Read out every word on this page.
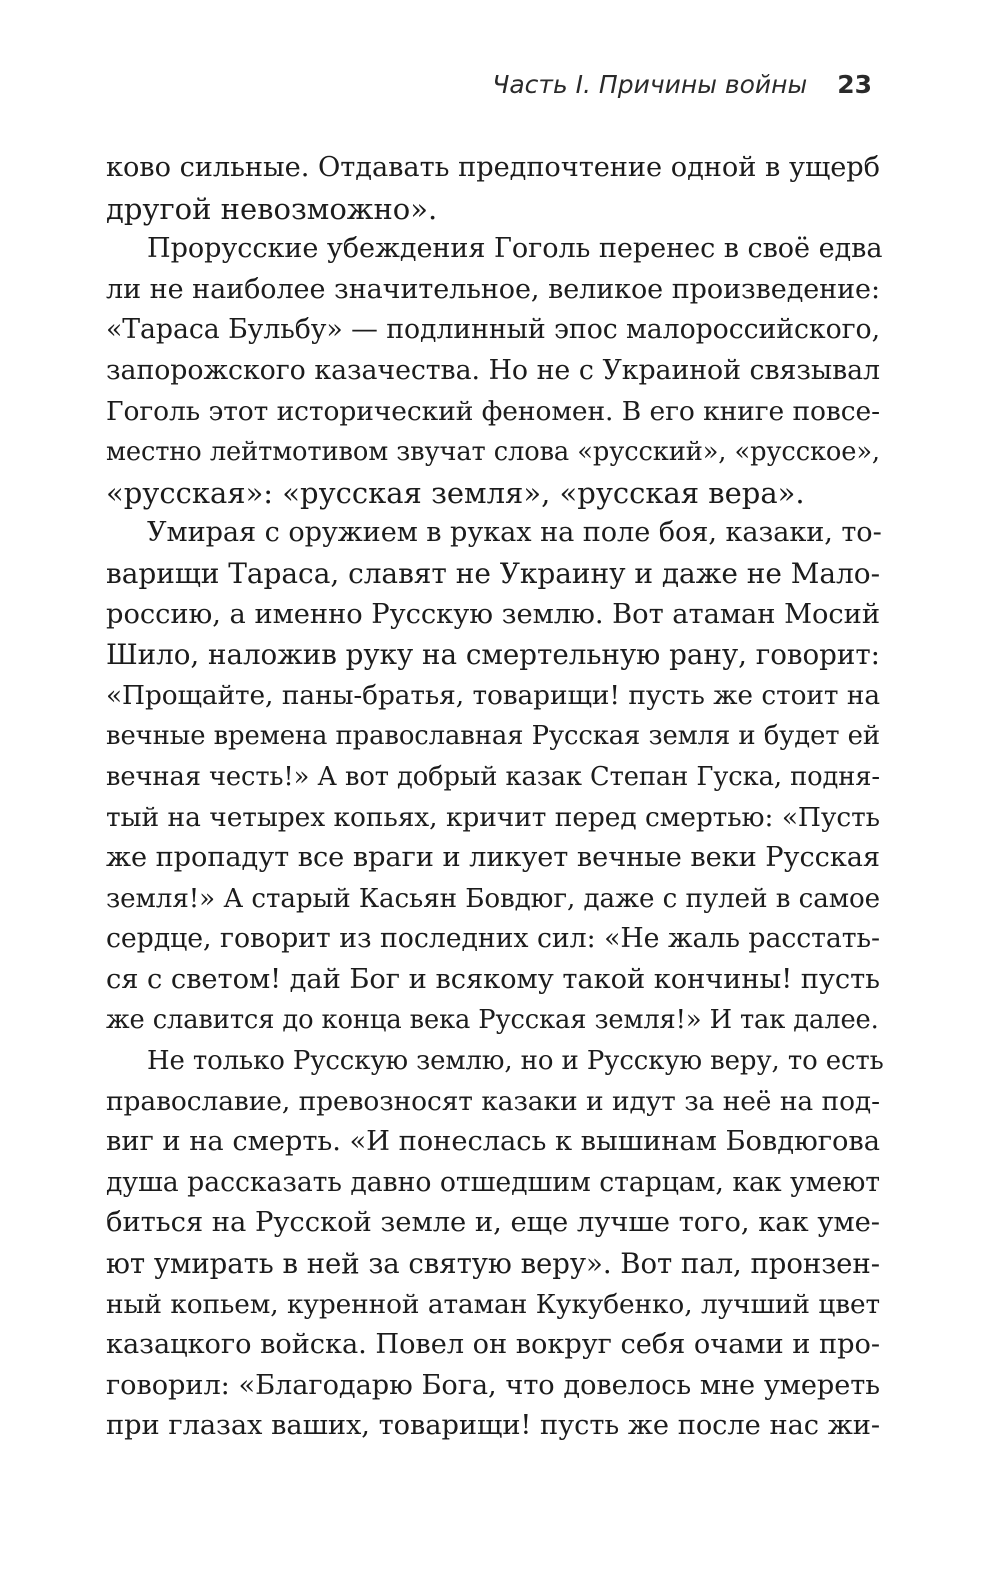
Часть I. Причины войны 23
ково сильные. Отдавать предпочтение одной в ущерб
другой невозможно».
Прорусские убеждения Гоголь перенес в своё едва
ли не наиболее значительное, великое произведение:
«Тараса Бульбу» — подлинный эпос малороссийского,
запорожского казачества. Но не с Украиной связывал
Гоголь этот исторический феномен. В его книге повсе-
местно лейтмотивом звучат слова «русский», «русское»,
«русская»: «русская земля», «русская вера».
Умирая с оружием в руках на поле боя, казаки, то-
варищи Тараса, славят не Украину и даже не Мало-
россию, а именно Русскую землю. Вот атаман Мосий
Шило, наложив руку на смертельную рану, говорит:
«Прощайте, паны-братья, товарищи! пусть же стоит на
вечные времена православная Русская земля и будет ей
вечная честь!» А вот добрый казак Степан Гуска, подня-
тый на четырех копьях, кричит перед смертью: «Пусть
же пропадут все враги и ликует вечные веки Русская
земля!» А старый Касьян Бовдюг, даже с пулей в самое
сердце, говорит из последних сил: «Не жаль расстать-
ся с светом! дай Бог и всякому такой кончины! пусть
же славится до конца века Русская земля!» И так далее.
Не только Русскую землю, но и Русскую веру, то есть
православие, превозносят казаки и идут за неё на под-
виг и на смерть. «И понеслась к вышинам Бовдюгова
душа рассказать давно отшедшим старцам, как умеют
биться на Русской земле и, еще лучше того, как уме-
ют умирать в ней за святую веру». Вот пал, пронзен-
ный копьем, куренной атаман Кукубенко, лучший цвет
казацкого войска. Повел он вокруг себя очами и про-
говорил: «Благодарю Бога, что довелось мне умереть
при глазах ваших, товарищи! пусть же после нас жи-
